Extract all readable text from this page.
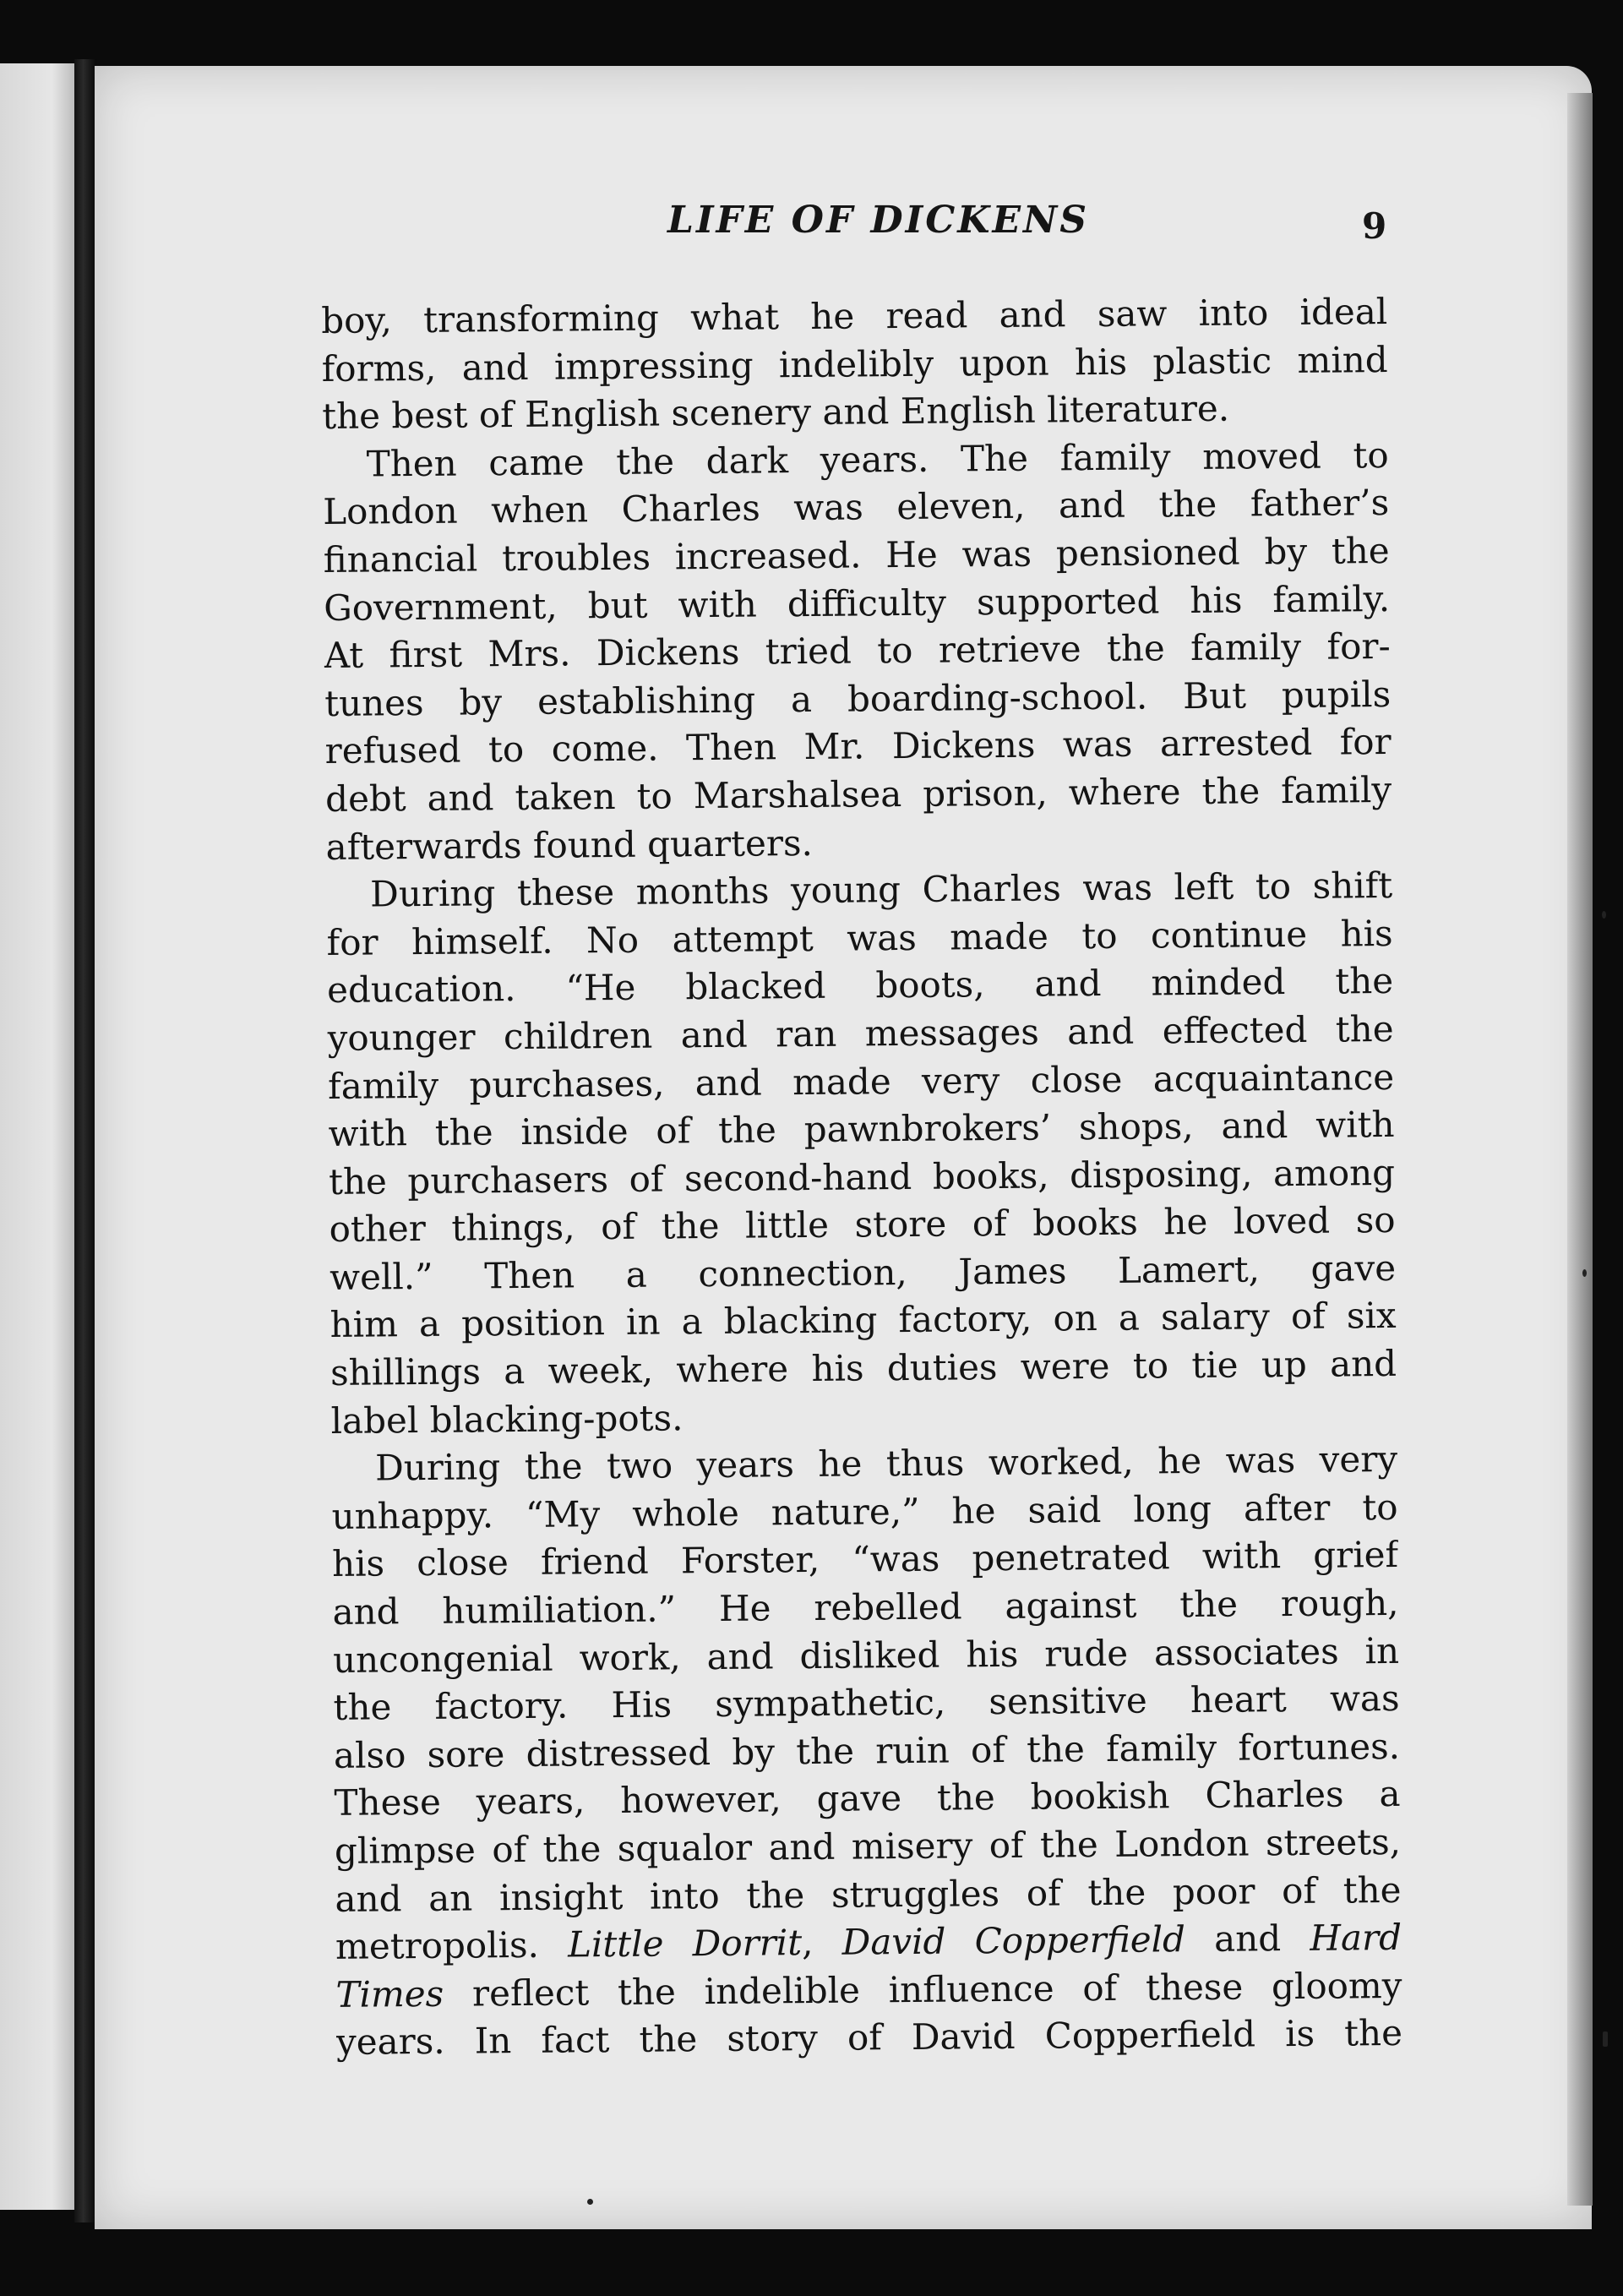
LIFE OF DICKENS	9
boy, transforming what he read and saw into ideal
forms, and impressing indelibly upon his plastic mind
the best of English scenery and English literature.
Then came the dark years. The family moved to
London when Charles was eleven, and the father’s
financial troubles increased. He was pensioned by the
Government, but with difficulty supported his family.
At first Mrs. Dickens tried to retrieve the family for-
tunes by establishing a boarding-school. But pupils
refused to come. Then Mr. Dickens was arrested for
debt and taken to Marshalsea prison, where the family
afterwards found quarters.
During these months young Charles was left to shift
for himself. No attempt was made to continue his
education. “He blacked boots, and minded the
younger children and ran messages and effected the
family purchases, and made very close acquaintance
with the inside of the pawnbrokers’ shops, and with
the purchasers of second-hand books, disposing, among
other things, of the little store of books he loved so
well.” Then a connection, James Lamert, gave
him a position in a blacking factory, on a salary of six
shillings a week, where his duties were to tie up and
label blacking-pots.
During the two years he thus worked, he was very
unhappy. “My whole nature,” he said long after to
his close friend Forster, “was penetrated with grief
and humiliation.” He rebelled against the rough,
uncongenial work, and disliked his rude associates in
the factory. His sympathetic, sensitive heart was
also sore distressed by the ruin of the family fortunes.
These years, however, gave the bookish Charles a
glimpse of the squalor and misery of the London streets,
and an insight into the struggles of the poor of the
metropolis. Little Dorrit, David Copperfield and Hard
Times reflect the indelible influence of these gloomy
years. In fact the story of David Copperfield is the
